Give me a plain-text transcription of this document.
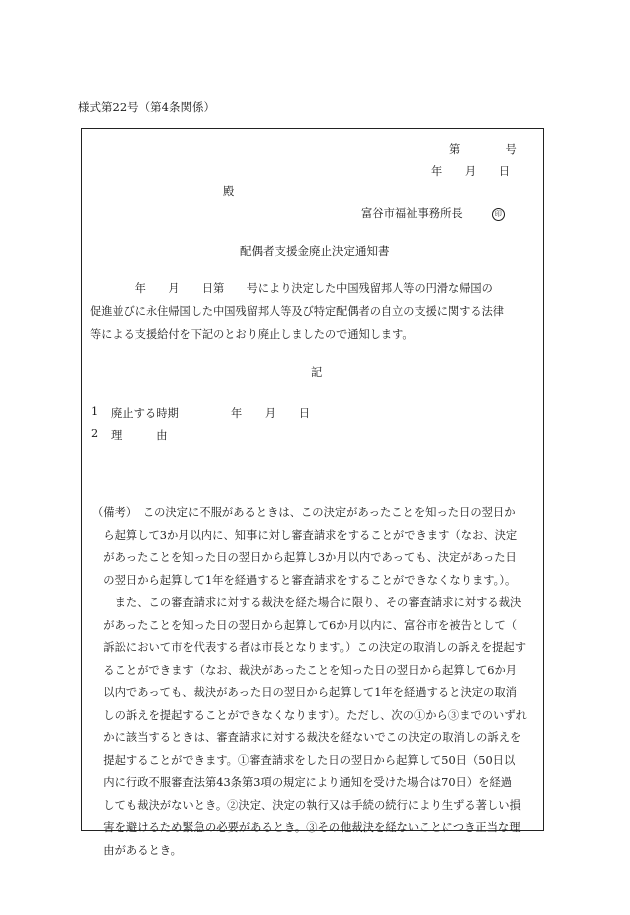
様式第22号（第4条関係）
第　　　　号
年　　月　　日
殿
富谷市福祉事務所長	印
配偶者支援金廃止決定通知書
　　　　年　　月　　日第　　号により決定した中国残留邦人等の円滑な帰国の
促進並びに永住帰国した中国残留邦人等及び特定配偶者の自立の支援に関する法律
等による支援給付を下記のとおり廃止しましたので通知します。
記
1 廃止する時期	年　　月　　日
2 理　　　由
（備考）　この決定に不服があるときは、この決定があったことを知った日の翌日か
　ら起算して3か月以内に、知事に対し審査請求をすることができます（なお、決定
　があったことを知った日の翌日から起算し3か月以内であっても、決定があった日
　の翌日から起算して1年を経過すると審査請求をすることができなくなります。）。
　　また、この審査請求に対する裁決を経た場合に限り、その審査請求に対する裁決
　があったことを知った日の翌日から起算して6か月以内に、富谷市を被告として（
　訴訟において市を代表する者は市長となります。）この決定の取消しの訴えを提起す
　ることができます（なお、裁決があったことを知った日の翌日から起算して6か月
　以内であっても、裁決があった日の翌日から起算して1年を経過すると決定の取消
　しの訴えを提起することができなくなります）。ただし、次の①から③までのいずれ
　かに該当するときは、審査請求に対する裁決を経ないでこの決定の取消しの訴えを
　提起することができます。①審査請求をした日の翌日から起算して50日（50日以
　内に行政不服審査法第43条第3項の規定により通知を受けた場合は70日）を経過
　しても裁決がないとき。②決定、決定の執行又は手続の続行により生ずる著しい損
　害を避けるため緊急の必要があるとき。③その他裁決を経ないことにつき正当な理
　由があるとき。
